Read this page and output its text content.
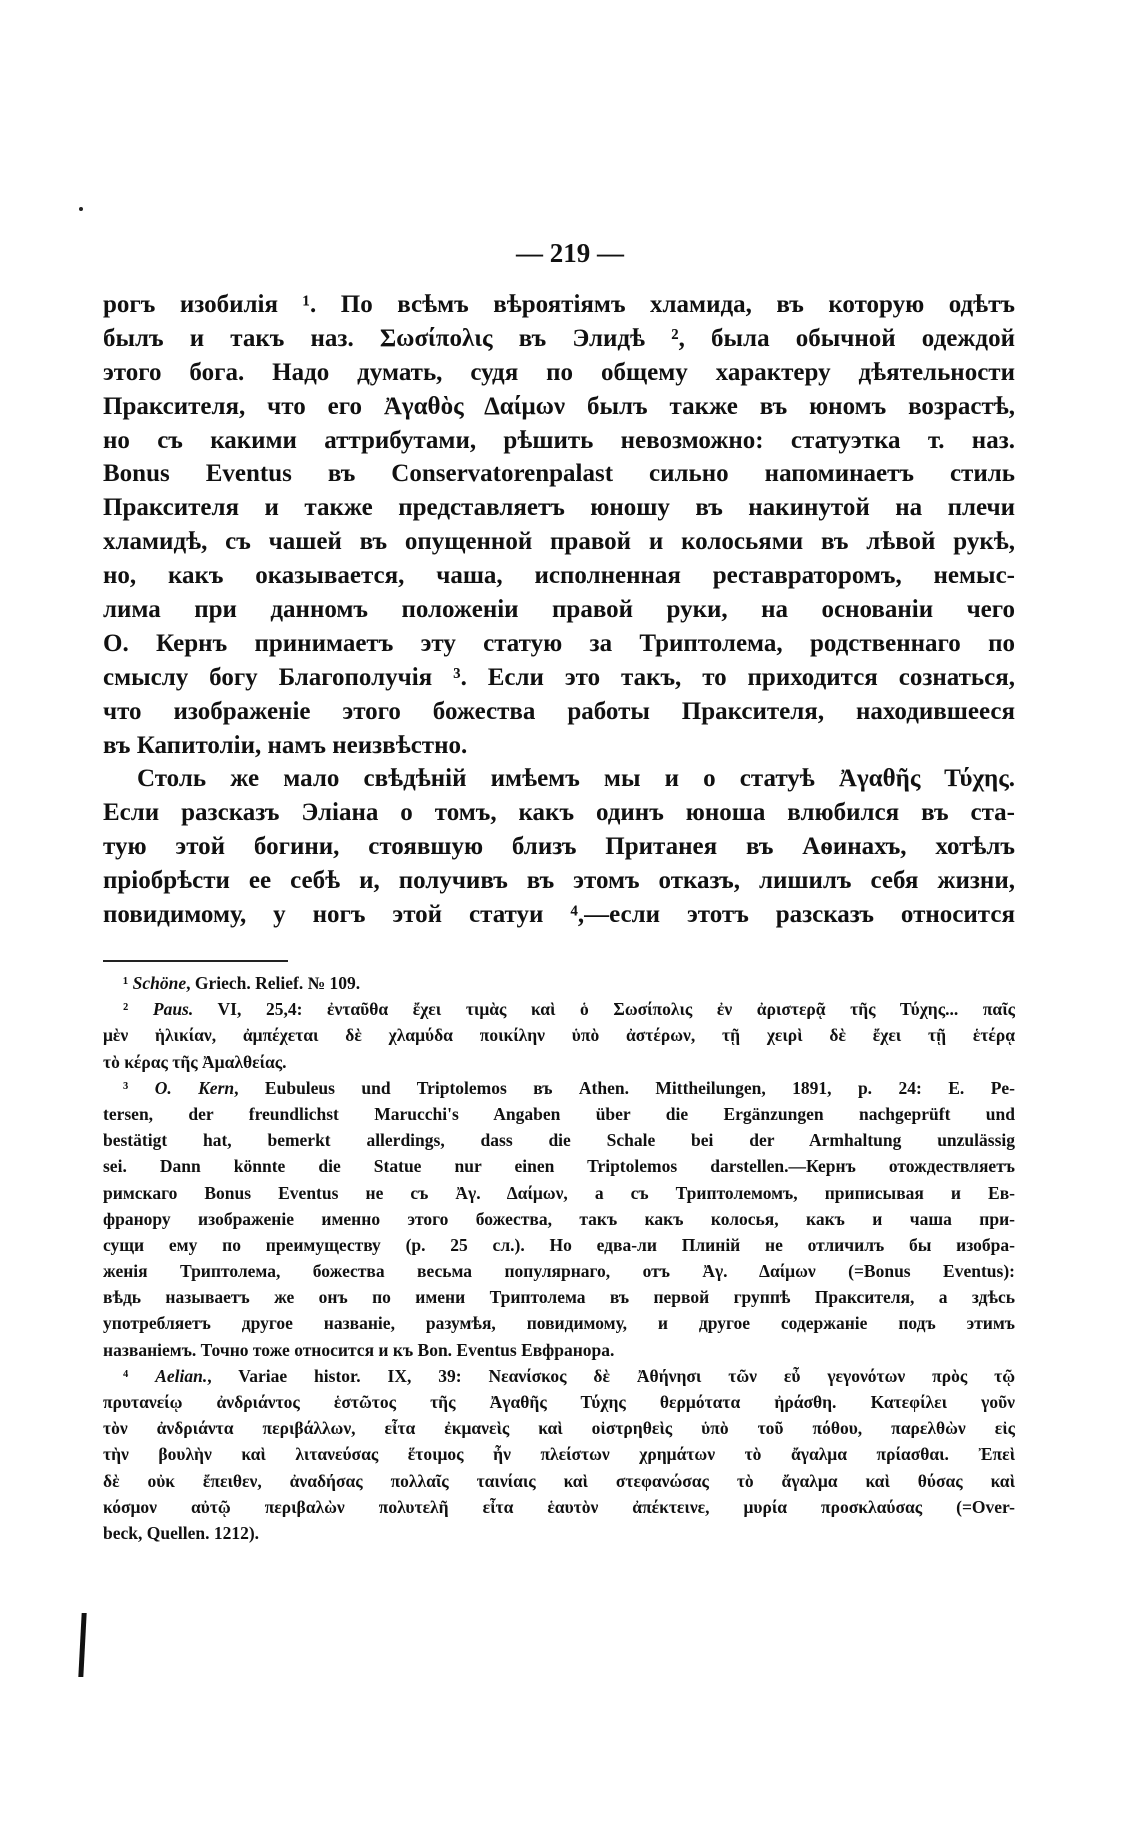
— 219 —
рогъ изобилія ¹. По всѣмъ вѣроятіямъ хламида, въ которую одѣтъ
былъ и такъ наз. Σωσίπολις въ Элидѣ ², была обычной одеждой
этого бога. Надо думать, судя по общему характеру дѣятельности
Праксителя, что его Ἀγαθὸς Δαίμων былъ также въ юномъ возрастѣ,
но съ какими аттрибутами, рѣшить невозможно: статуэтка т. наз.
Bonus Eventus въ Conservatorenpalast сильно напоминаетъ стиль
Праксителя и также представляетъ юношу въ накинутой на плечи
хламидѣ, съ чашей въ опущенной правой и колосьями въ лѣвой рукѣ,
но, какъ оказывается, чаша, исполненная реставраторомъ, немыс-
лима при данномъ положеніи правой руки, на основаніи чего
О. Кернъ принимаетъ эту статую за Триптолема, родственнаго по
смыслу богу Благополучія ³. Если это такъ, то приходится сознаться,
что изображеніе этого божества работы Праксителя, находившееся
въ Капитоліи, намъ неизвѣстно.
Столь же мало свѣдѣній имѣемъ мы и о статуѣ Ἀγαθῆς Τύχης.
Если разсказъ Эліана о томъ, какъ одинъ юноша влюбился въ ста-
тую этой богини, стоявшую близъ Пританея въ Аѳинахъ, хотѣлъ
пріобрѣсти ее себѣ и, получивъ въ этомъ отказъ, лишилъ себя жизни,
повидимому, у ногъ этой статуи ⁴,—если этотъ разсказъ относится
¹ Schöne, Griech. Relief. № 109.
² Paus. VI, 25,4: ἐνταῦθα ἔχει τιμὰς καὶ ὁ Σωσίπολις ἐν ἀριστερᾷ τῆς Τύχης... παῖς
μὲν ἡλικίαν, ἀμπέχεται δὲ χλαμύδα ποικίλην ὑπὸ ἀστέρων, τῇ χειρὶ δὲ ἔχει τῇ ἑτέρᾳ
τὸ κέρας τῆς Ἀμαλθείας.
³ O. Kern, Eubuleus und Triptolemos въ Athen. Mittheilungen, 1891, p. 24: E. Pe-
tersen, der freundlichst Marucchi's Angaben über die Ergänzungen nachgeprüft und
bestätigt hat, bemerkt allerdings, dass die Schale bei der Armhaltung unzulässig
sei. Dann könnte die Statue nur einen Triptolemos darstellen.—Кернъ отождествляетъ
римскаго Bonus Eventus не съ Ἀγ. Δαίμων, а съ Триптолемомъ, приписывая и Ев-
франору изображеніе именно этого божества, такъ какъ колосья, какъ и чаша при-
сущи ему по преимуществу (p. 25 сл.). Но едва-ли Плиній не отличилъ бы изобра-
женія Триптолема, божества весьма популярнаго, отъ Ἀγ. Δαίμων (=Bonus Eventus):
вѣдь называетъ же онъ по имени Триптолема въ первой группѣ Праксителя, а здѣсь
употребляетъ другое названіе, разумѣя, повидимому, и другое содержаніе подъ этимъ
названіемъ. Точно тоже относится и къ Bon. Eventus Евфранора.
⁴ Aelian., Variae histor. IX, 39: Νεανίσκος δὲ Ἀθήνησι τῶν εὖ γεγονότων πρὸς τῷ
πρυτανείῳ ἀνδριάντος ἑστῶτος τῆς Ἀγαθῆς Τύχης θερμότατα ἠράσθη. Κατεφίλει γοῦν
τὸν ἀνδριάντα περιβάλλων, εἶτα ἐκμανεὶς καὶ οἰστρηθεὶς ὑπὸ τοῦ πόθου, παρελθὼν εἰς
τὴν βουλὴν καὶ λιτανεύσας ἕτοιμος ἦν πλείστων χρημάτων τὸ ἄγαλμα πρίασθαι. Ἐπεὶ
δὲ οὐκ ἔπειθεν, ἀναδήσας πολλαῖς ταινίαις καὶ στεφανώσας τὸ ἄγαλμα καὶ θύσας καὶ
κόσμον αὐτῷ περιβαλὼν πολυτελῆ εἶτα ἑαυτὸν ἀπέκτεινε, μυρία προσκλαύσας (=Over-
beck, Quellen. 1212).
